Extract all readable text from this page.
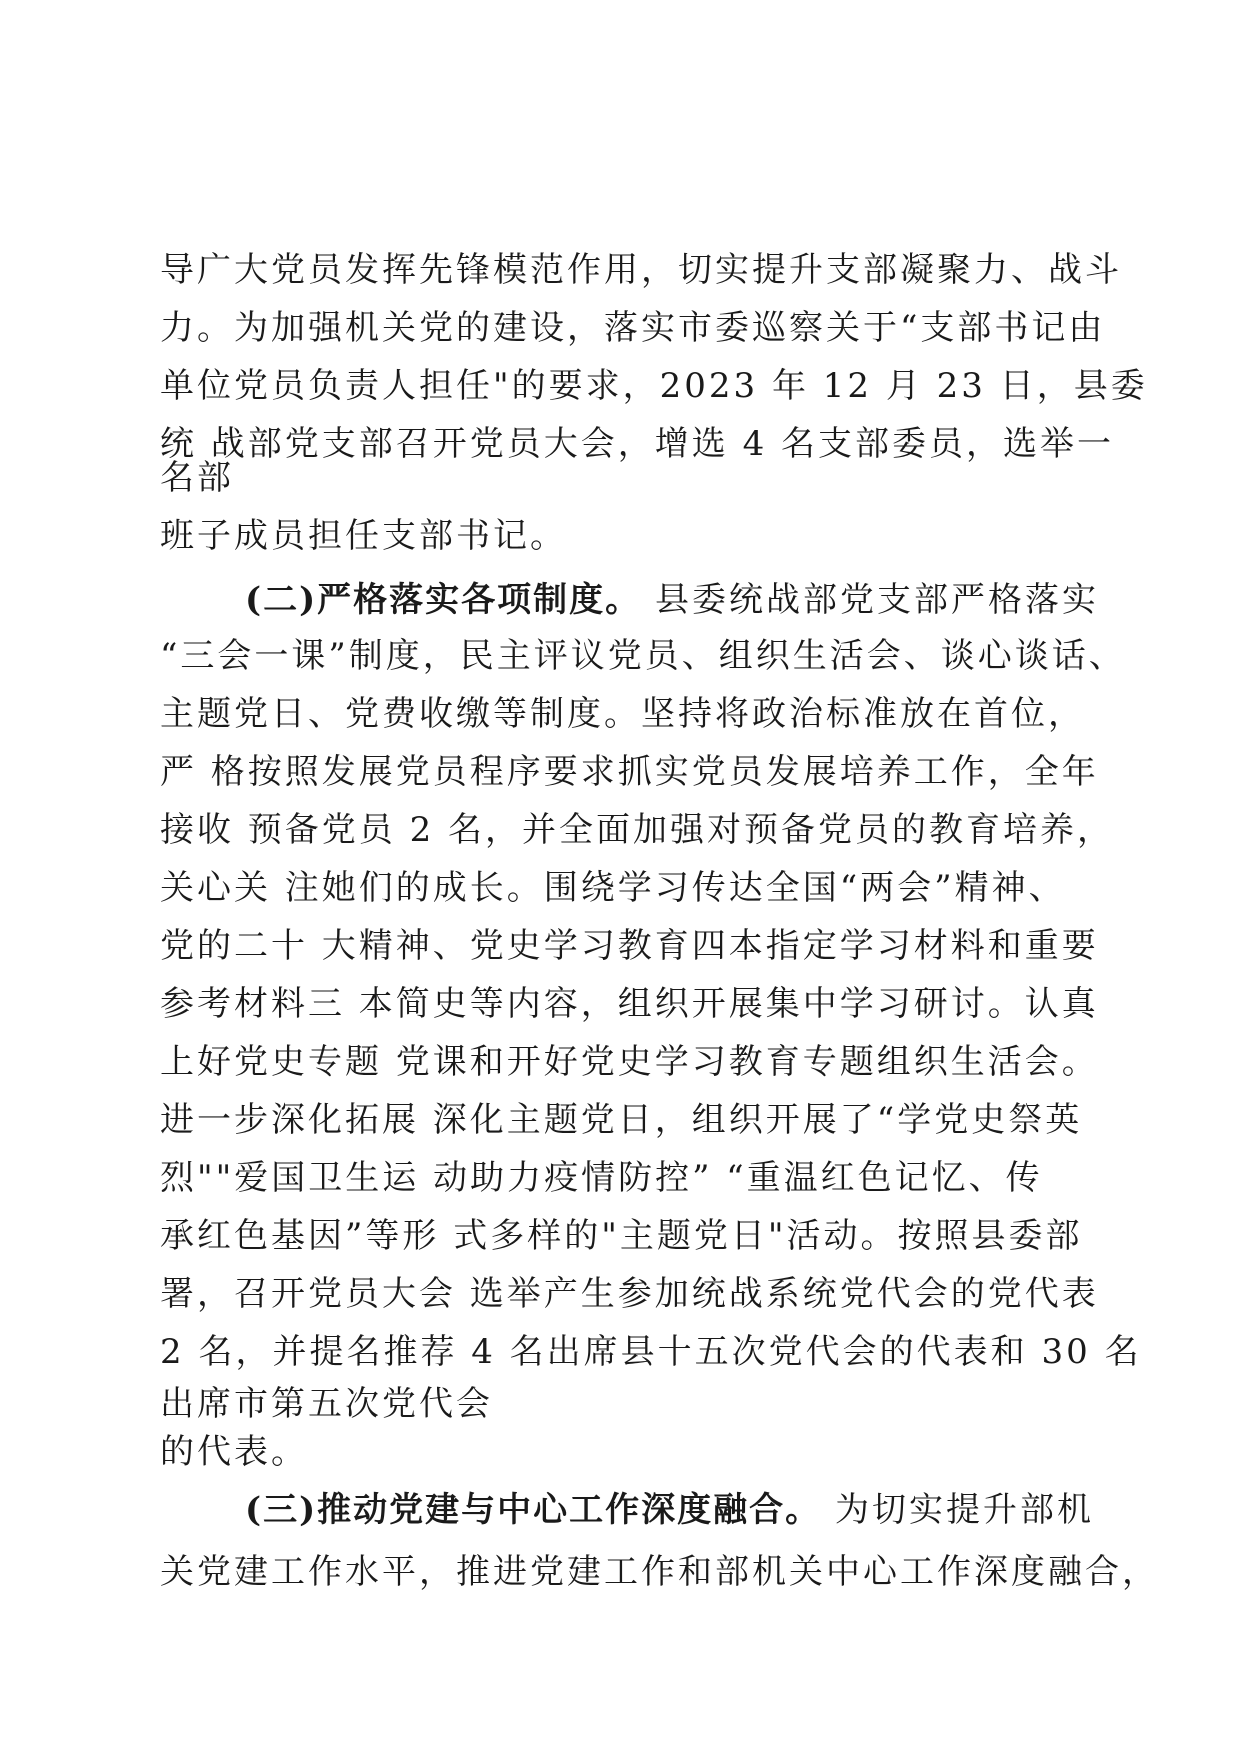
导广大党员发挥先锋模范作用，切实提升支部凝聚力、战斗
力。为加强机关党的建设，落实市委巡察关于“支部书记由
单位党员负责人担任"的要求，2023 年 12 月 23 日，县委
统 战部党支部召开党员大会，增选 4 名支部委员，选举一
名部
班子成员担任支部书记。
(二)严格落实各项制度。 县委统战部党支部严格落实
“三会一课”制度，民主评议党员、组织生活会、谈心谈话、
主题党日、党费收缴等制度。坚持将政治标准放在首位，
严 格按照发展党员程序要求抓实党员发展培养工作，全年
接收 预备党员 2 名，并全面加强对预备党员的教育培养，
关心关 注她们的成长。围绕学习传达全国“两会”精神、
党的二十 大精神、党史学习教育四本指定学习材料和重要
参考材料三 本简史等内容，组织开展集中学习研讨。认真
上好党史专题 党课和开好党史学习教育专题组织生活会。
进一步深化拓展 深化主题党日，组织开展了“学党史祭英
烈""爱国卫生运 动助力疫情防控” “重温红色记忆、传
承红色基因”等形 式多样的"主题党日"活动。按照县委部
署，召开党员大会 选举产生参加统战系统党代会的党代表
2 名，并提名推荐 4 名出席县十五次党代会的代表和 30 名
出席市第五次党代会
的代表。
(三)推动党建与中心工作深度融合。 为切实提升部机
关党建工作水平，推进党建工作和部机关中心工作深度融合，
